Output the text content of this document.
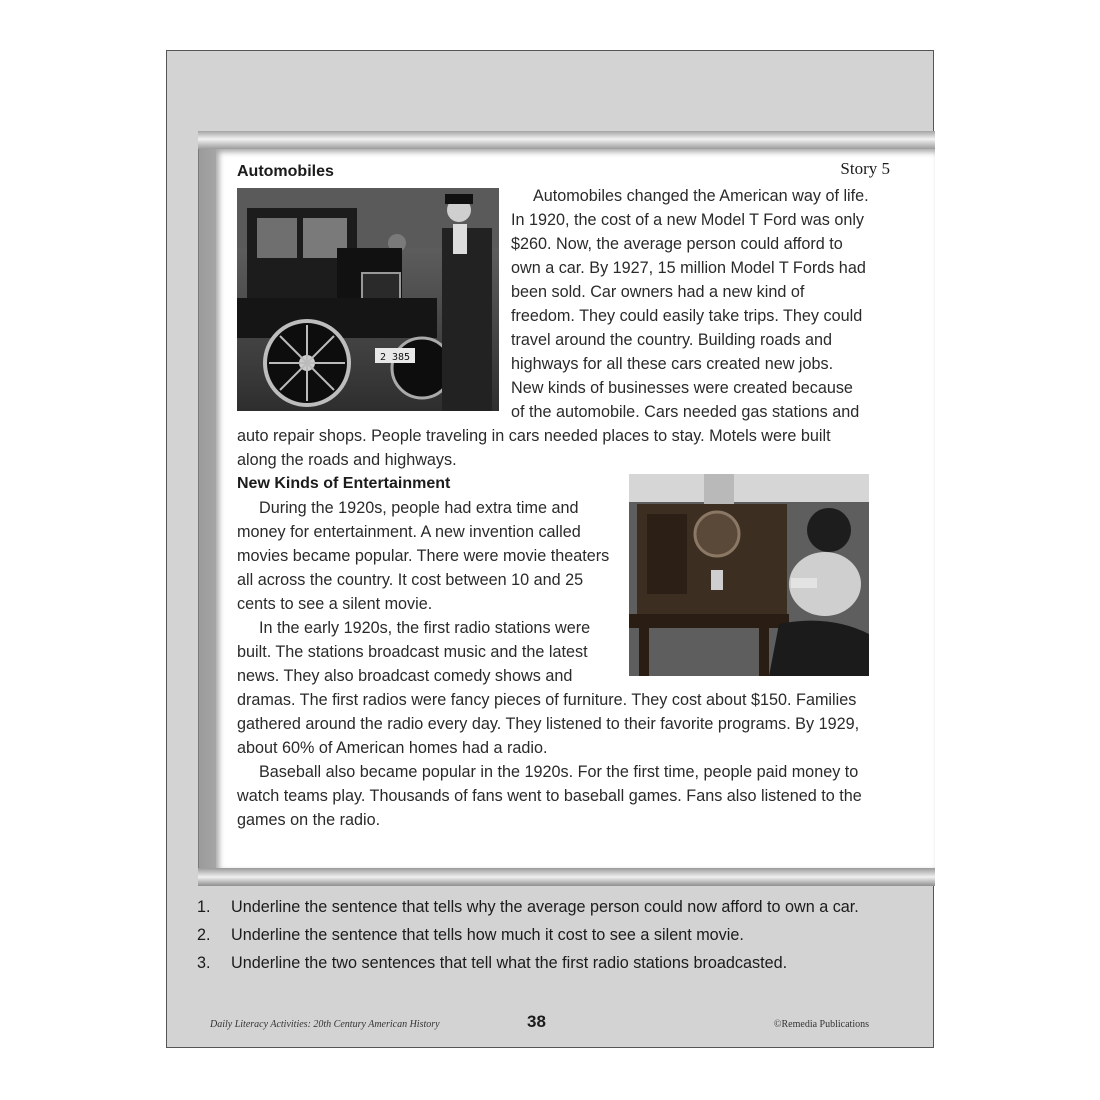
Automobiles	Story 5
2 385

Automobiles changed the American way of life. In 1920, the cost of a new Model T Ford was only $260. Now, the average person could afford to own a car. By 1927, 15 million Model T Fords had been sold. Car owners had a new kind of freedom. They could easily take trips. They could travel around the country. Building roads and highways for all these cars created new jobs. New kinds of businesses were created because of the automobile. Cars needed gas stations and auto repair shops. People traveling in cars needed places to stay. Motels were built along the roads and highways.

New Kinds of Entertainment

During the 1920s, people had extra time and money for entertainment. A new invention called movies became popular. There were movie theaters all across the country. It cost between 10 and 25 cents to see a silent movie.

In the early 1920s, the first radio stations were built. The stations broadcast music and the latest news. They also broadcast comedy shows and dramas. The first radios were fancy pieces of furniture. They cost about $150. Families gathered around the radio every day. They listened to their favorite programs. By 1929, about 60% of American homes had a radio.

Baseball also became popular in the 1920s. For the first time, people paid money to watch teams play. Thousands of fans went to baseball games. Fans also listened to the games on the radio.

1. Underline the sentence that tells why the average person could now afford to own a car.
2. Underline the sentence that tells how much it cost to see a silent movie.
3. Underline the two sentences that tell what the first radio stations broadcasted.
Daily Literacy Activities: 20th Century American History	38	©Remedia Publications
